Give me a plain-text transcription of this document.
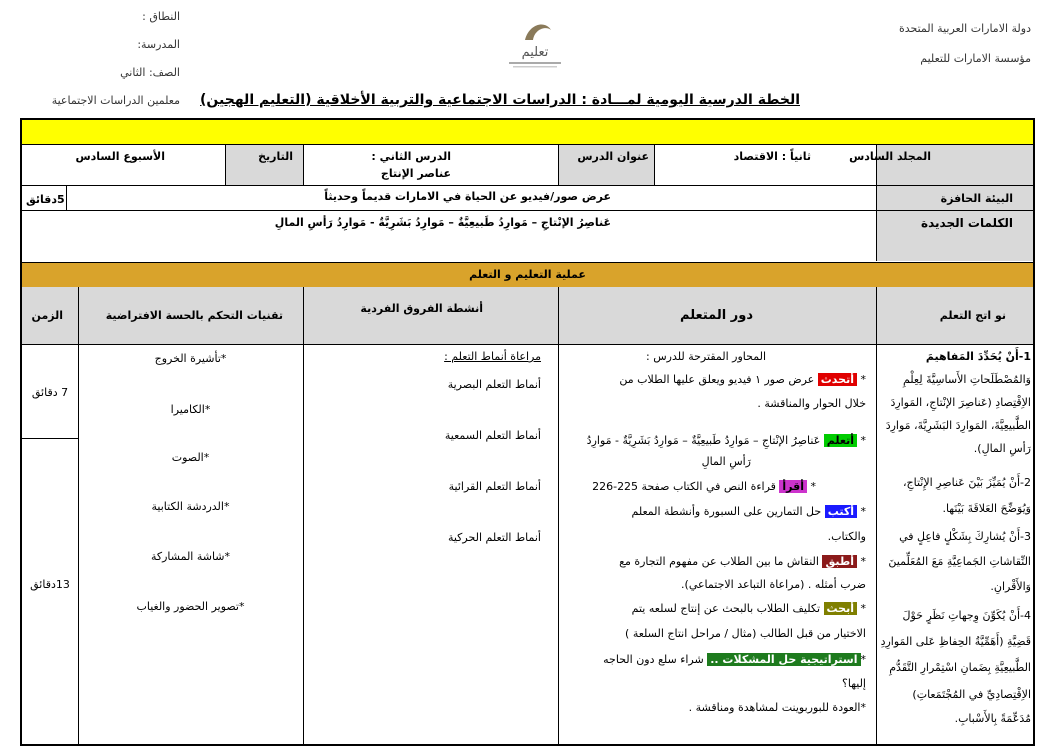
دولة الامارات العربية المتحدة
مؤسسة الامارات للتعليم
تعليم
النطاق :
المدرسة:
الصف: الثاني
معلمين الدراسات الاجتماعية الخطة الدرسية اليومية لمـــادة : الدراسات الاجتماعية والتربية الأخلاقية (التعليم الهجين)
المجلد السادس
ثانياً : الاقتصاد
عنوان الدرس
الدرس الثاني :
عناصر الإنتاج
التاريخ
الأسبوع السادس
البيئة الحافزة
عرض صور/فيديو عن الحياة في الامارات قديماً وحديثاً
5دقائق
الكلمات الجديدة
عَناصِرُ الإنْتاجِ – مَوارِدُ طَبيعِيَّةٌ – مَوارِدُ بَشَرِيَّةٌ - مَوارِدُ رَأسِ المالِ
عملية التعليم و التعلم
نو اتج التعلم
دور المتعلم
أنشطة الفروق الفردية
تقنيات التحكم بالحسة الافتراضية
الزمن
1-أَنْ يُحَدِّدَ المَفاهيمَ
وَالمُصْطَلَحاتِ الأَساسِيَّةَ لِعِلْمِ
الاِقْتِصادِ (عَناصِرَ الإنْتاجِ، المَوارِدَ
الطَّبيعِيَّةَ، المَوارِدَ البَشَرِيَّةَ، مَوارِدَ
رَأسِ المالِ).
2-أَنْ يُمَيِّزَ بَيْنَ عَناصِرِ الإِنْتاجِ،
وَيُوَضِّحَ العَلاقَةَ بَيْنَها.
3-أَنْ يُشارِكَ بِشَكْلٍ فاعِلٍ في
النِّقاشاتِ الجَماعِيَّةِ مَعَ المُعَلِّمينَ
وَالأَقْرانِ.
4-أَنْ يُكَوِّنَ وِجهاتِ نَظَرٍ حَوْلَ
قَضِيَّةِ (أَهَمِّيَّةُ الحِفاظِ عَلى المَوارِدِ
الطَّبيعِيَّةِ بِضَمانِ اسْتِمْرارِ التَّقَدُّمِ
الاِقْتِصادِيِّ في المُجْتَمَعاتِ)
مُدَعِّمَةً بِالأَسْبابِ.
المحاور المقترحة للدرس :
* أتحدث عرض صور ١ فيديو ويعلق عليها الطلاب من
خلال الحوار والمناقشة .
* أتعلم عَناصِرُ الإنْتاجِ – مَوارِدُ طَبيعِيَّةٌ – مَوارِدُ بَشَرِيَّةٌ - مَوارِدُ
رَأسِ المالِ
* أقرأ قراءة النص في الكتاب صفحة 225-226
* أكتب حل التمارين على السبورة وأنشطة المعلم
والكتاب.
* أطبق النقاش ما بين الطلاب عن مفهوم التجارة مع
ضرب أمثله . (مراعاة التباعد الاجتماعي).
* أبحث تكليف الطلاب بالبحث عن إنتاج لسلعه يتم
الاختيار من قبل الطالب (مثال / مراحل انتاج السلعة )
*استراتيجية حل المشكلات .. شراء سلع دون الحاجه
إليها؟
*العودة للبوربوينت لمشاهدة ومناقشة .
مراعاة أنماط التعلم :
أنماط التعلم البصرية
أنماط التعلم السمعية
أنماط التعلم القرائية
أنماط التعلم الحركية
*تأشيرة الخروج
*الكاميرا
*الصوت
*الدردشة الكتابية
*شاشة المشاركة
*تصوير الحضور والغياب
7 دقائق
13دقائق
